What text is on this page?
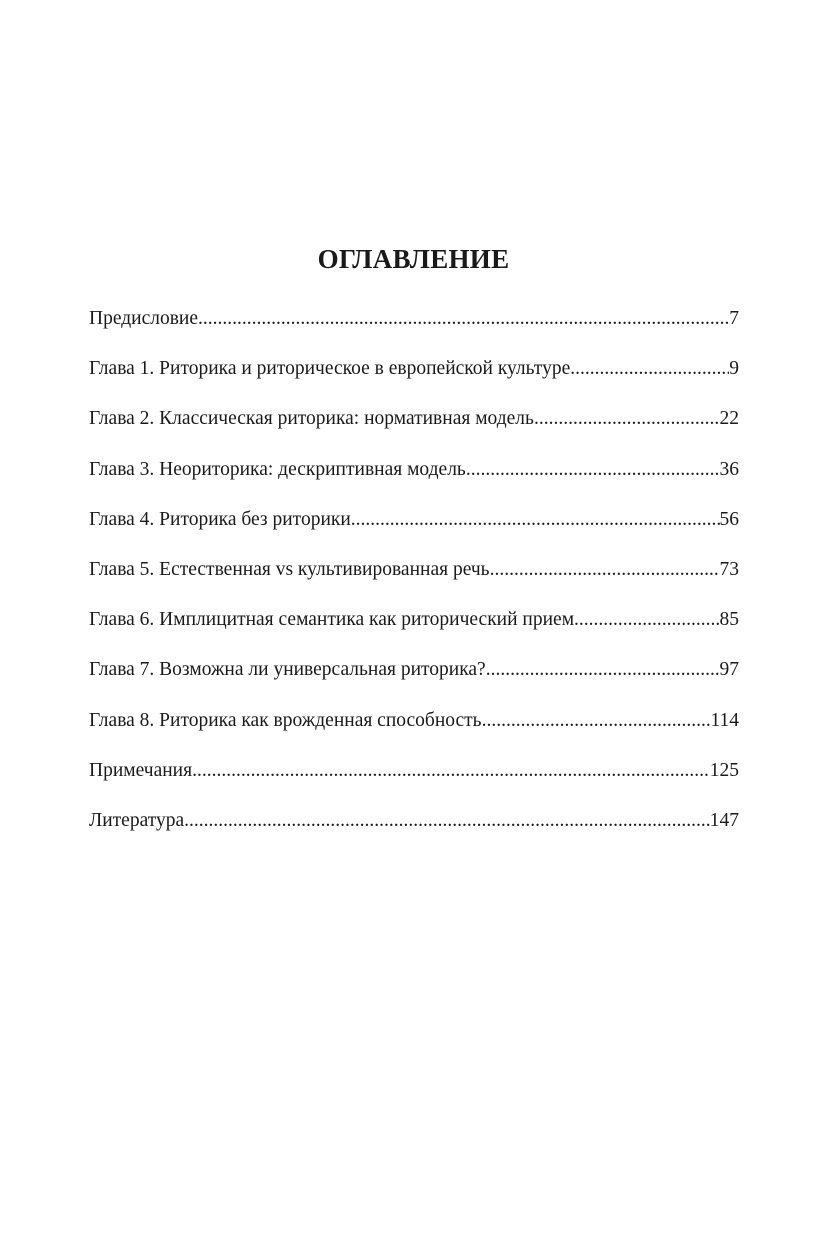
ОГЛАВЛЕНИЕ
Предисловие .....	7
Глава 1. Риторика и риторическое в европейской культуре .....	9
Глава 2. Классическая риторика: нормативная модель .....	22
Глава 3. Неориторика: дескриптивная модель .....	36
Глава 4. Риторика без риторики .....	56
Глава 5. Естественная vs культивированная речь .....	73
Глава 6. Имплицитная семантика как риторический прием .....	85
Глава 7. Возможна ли универсальная риторика? .....	97
Глава 8. Риторика как врожденная способность .....	114
Примечания .....	125
Литература .....	147
